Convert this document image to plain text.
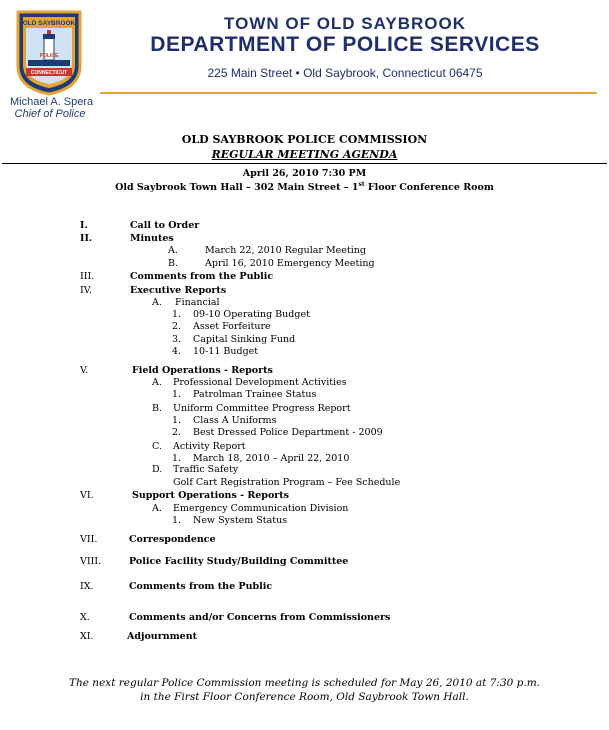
OLD SAYBROOK
POLICE
CONNECTICUT
Michael A. Spera
Chief of Police
TOWN OF OLD SAYBROOK
DEPARTMENT OF POLICE SERVICES
225 Main Street • Old Saybrook, Connecticut 06475
OLD SAYBROOK POLICE COMMISSION
REGULAR MEETING AGENDA
April 26, 2010 7:30 PM
Old Saybrook Town Hall – 302 Main Street – 1st Floor Conference Room
I.	Call to Order
II.	Minutes
A.	March 22, 2010 Regular Meeting
B.	April 16, 2010 Emergency Meeting
III.	Comments from the Public
IV.	Executive Reports
A. Financial
1. 09-10 Operating Budget
2. Asset Forfeiture
3. Capital Sinking Fund
4. 10-11 Budget
V.	Field Operations - Reports
A. Professional Development Activities
1. Patrolman Trainee Status
B. Uniform Committee Progress Report
1. Class A Uniforms
2. Best Dressed Police Department - 2009
C. Activity Report
1. March 18, 2010 – April 22, 2010
D. Traffic Safety
Golf Cart Registration Program – Fee Schedule
VI.	Support Operations - Reports
A. Emergency Communication Division
1. New System Status
VII.	Correspondence
VIII.	Police Facility Study/Building Committee
IX.	Comments from the Public
X.	Comments and/or Concerns from Commissioners
XI.	Adjournment
The next regular Police Commission meeting is scheduled for May 26, 2010 at 7:30 p.m.
in the First Floor Conference Room, Old Saybrook Town Hall.
